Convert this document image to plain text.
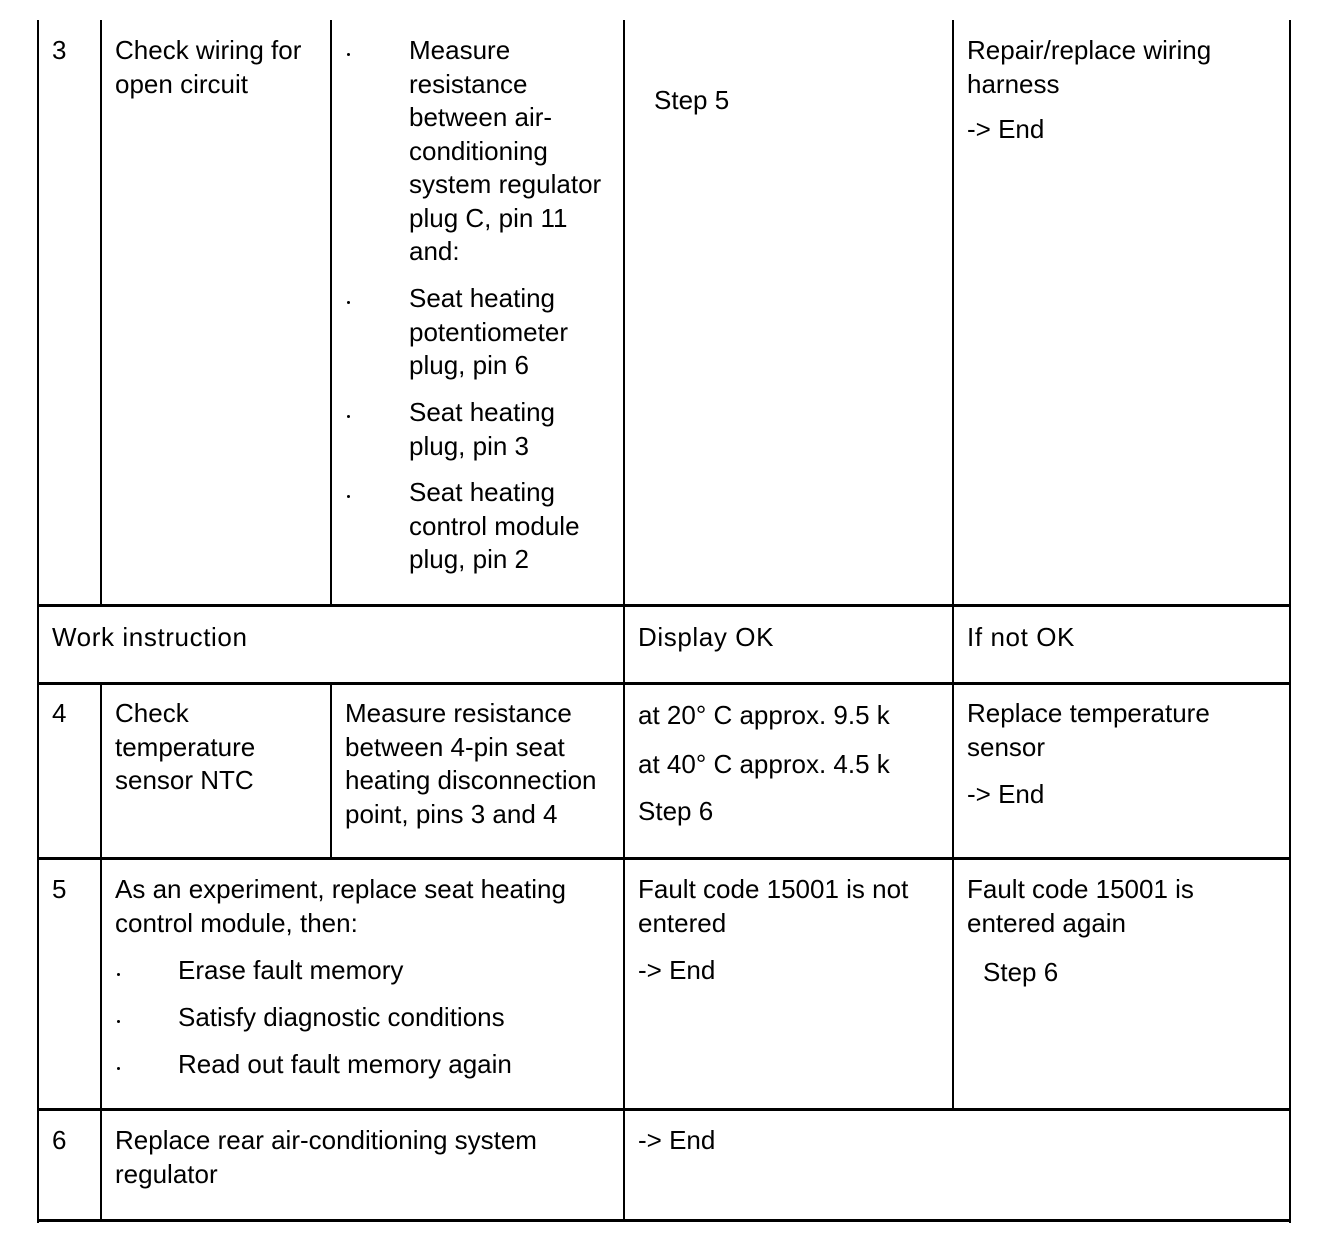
3 Check wiring for open circuit
Measure resistance between air-conditioning system regulator plug C, pin 11 and:
Seat heating potentiometer plug, pin 6
Seat heating plug, pin 3
Seat heating control module plug, pin 2
Step 5
Repair/replace wiring harness
-> End
Work instruction	Display OK	If not OK
4 Check temperature sensor NTC
Measure resistance between 4-pin seat heating disconnection point, pins 3 and 4
at 20° C approx. 9.5 k
at 40° C approx. 4.5 k
Step 6
Replace temperature sensor
-> End
5 As an experiment, replace seat heating control module, then:
Erase fault memory
Satisfy diagnostic conditions
Read out fault memory again
Fault code 15001 is not entered
-> End
Fault code 15001 is entered again
Step 6
6 Replace rear air-conditioning system regulator
-> End
